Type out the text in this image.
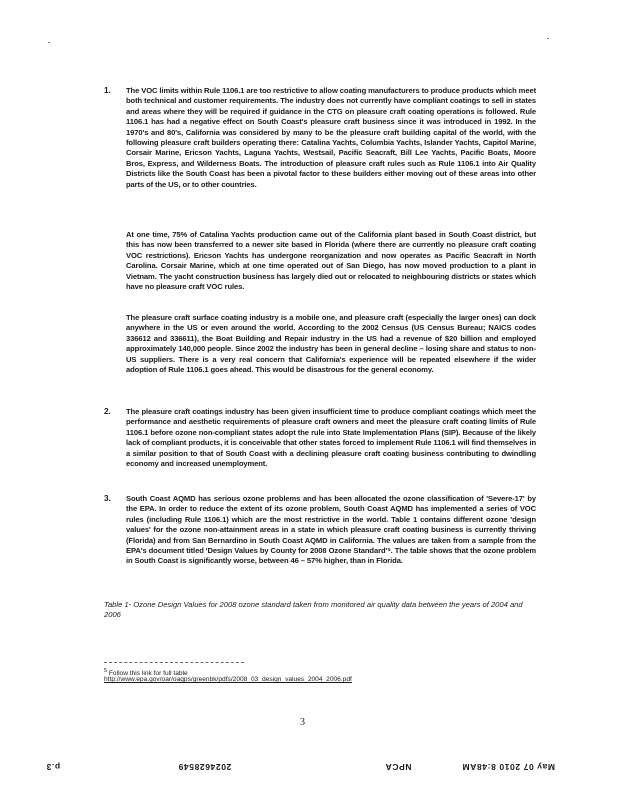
1. The VOC limits within Rule 1106.1 are too restrictive to allow coating manufacturers to produce products which meet both technical and customer requirements. The industry does not currently have compliant coatings to sell in states and areas where they will be required if guidance in the CTG on pleasure craft coating operations is followed. Rule 1106.1 has had a negative effect on South Coast's pleasure craft business since it was introduced in 1992. In the 1970's and 80's, California was considered by many to be the pleasure craft building capital of the world, with the following pleasure craft builders operating there: Catalina Yachts, Columbia Yachts, Islander Yachts, Capitol Marine, Corsair Marine, Ericson Yachts, Laguna Yachts, Westsail, Pacific Seacraft, Bill Lee Yachts, Pacific Boats, Moore Bros, Express, and Wilderness Boats. The introduction of pleasure craft rules such as Rule 1106.1 into Air Quality Districts like the South Coast has been a pivotal factor to these builders either moving out of these areas into other parts of the US, or to other countries.
At one time, 75% of Catalina Yachts production came out of the California plant based in South Coast district, but this has now been transferred to a newer site based in Florida (where there are currently no pleasure craft coating VOC restrictions). Ericson Yachts has undergone reorganization and now operates as Pacific Seacraft in North Carolina. Corsair Marine, which at one time operated out of San Diego, has now moved production to a plant in Vietnam. The yacht construction business has largely died out or relocated to neighbouring districts or states which have no pleasure craft VOC rules.
The pleasure craft surface coating industry is a mobile one, and pleasure craft (especially the larger ones) can dock anywhere in the US or even around the world. According to the 2002 Census (US Census Bureau; NAICS codes 336612 and 336611), the Boat Building and Repair industry in the US had a revenue of $20 billion and employed approximately 140,000 people. Since 2002 the industry has been in general decline – losing share and status to non-US suppliers. There is a very real concern that California's experience will be repeated elsewhere if the wider adoption of Rule 1106.1 goes ahead. This would be disastrous for the general economy.
2. The pleasure craft coatings industry has been given insufficient time to produce compliant coatings which meet the performance and aesthetic requirements of pleasure craft owners and meet the pleasure craft coating limits of Rule 1106.1 before ozone non-compliant states adopt the rule into State Implementation Plans (SIP). Because of the likely lack of compliant products, it is conceivable that other states forced to implement Rule 1106.1 will find themselves in a similar position to that of South Coast with a declining pleasure craft coating business contributing to dwindling economy and increased unemployment.
3. South Coast AQMD has serious ozone problems and has been allocated the ozone classification of 'Severe-17' by the EPA. In order to reduce the extent of its ozone problem, South Coast AQMD has implemented a series of VOC rules (including Rule 1106.1) which are the most restrictive in the world. Table 1 contains different ozone 'design values' for the ozone non-attainment areas in a state in which pleasure craft coating business is currently thriving (Florida) and from San Bernardino in South Coast AQMD in California. The values are taken from a sample from the EPA's document titled 'Design Values by County for 2008 Ozone Standard'⁵. The table shows that the ozone problem in South Coast is significantly worse, between 46 – 57% higher, than in Florida.
Table 1- Ozone Design Values for 2008 ozone standard taken from monitored air quality data between the years of 2004 and 2006
$^5$ Follow this link for full table
http://www.epa.gov/oar/oaqps/greenbk/pdfs/2008_03_design_values_2004_2006.pdf
3
May 07 2010 8:48AM
NPCA
2024628549
p.3
